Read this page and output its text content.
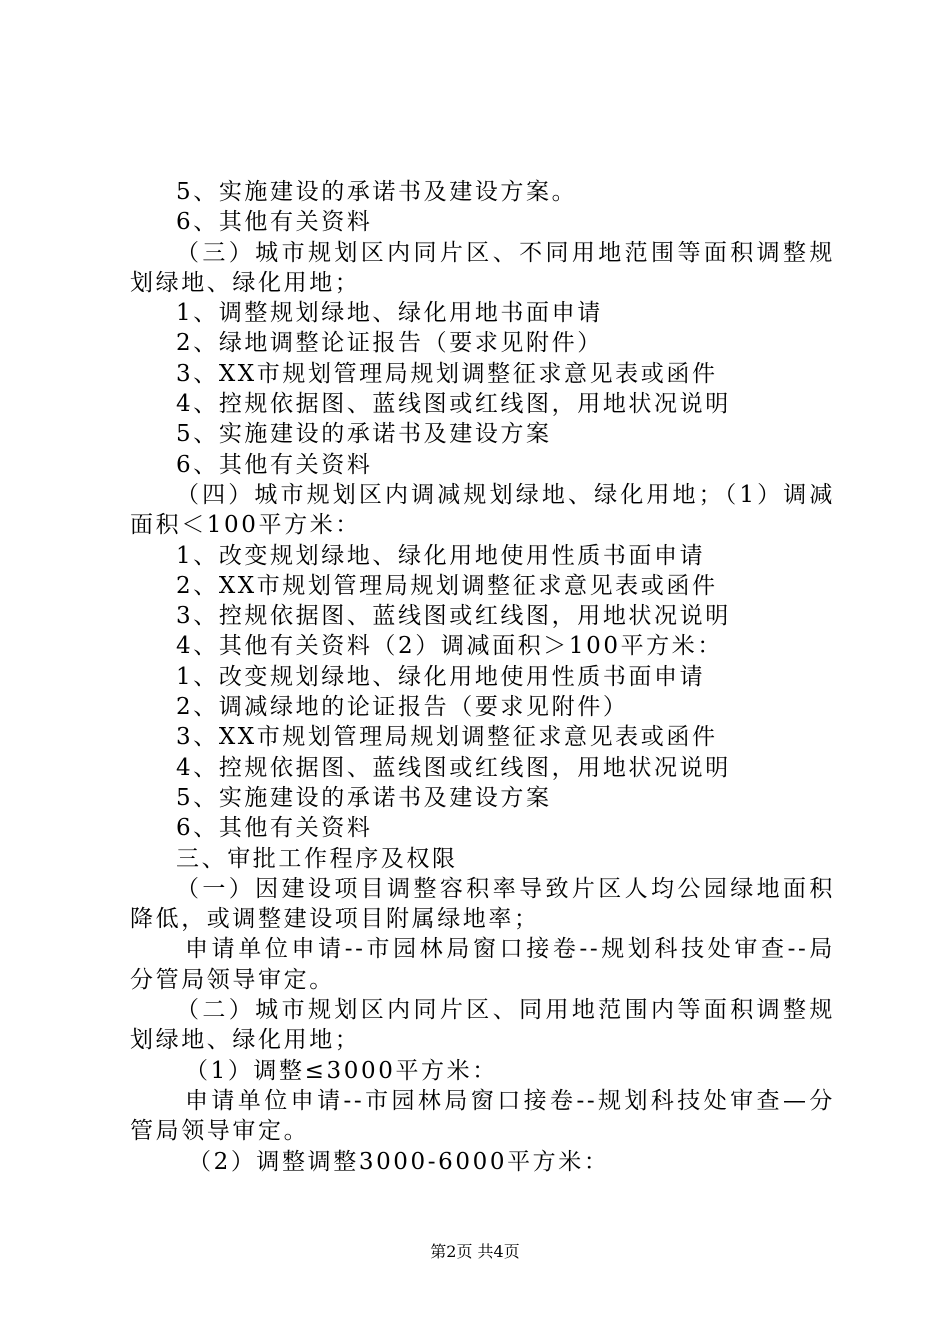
5、实施建设的承诺书及建设方案。
6、其他有关资料
（三）城市规划区内同片区、不同用地范围等面积调整规
划绿地、绿化用地；
1、调整规划绿地、绿化用地书面申请
2、绿地调整论证报告（要求见附件）
3、XX市规划管理局规划调整征求意见表或函件
4、控规依据图、蓝线图或红线图，用地状况说明
5、实施建设的承诺书及建设方案
6、其他有关资料
（四）城市规划区内调减规划绿地、绿化用地；（1）调减
面积＜100平方米：
1、改变规划绿地、绿化用地使用性质书面申请
2、XX市规划管理局规划调整征求意见表或函件
3、控规依据图、蓝线图或红线图，用地状况说明
4、其他有关资料（2）调减面积＞100平方米：
1、改变规划绿地、绿化用地使用性质书面申请
2、调减绿地的论证报告（要求见附件）
3、XX市规划管理局规划调整征求意见表或函件
4、控规依据图、蓝线图或红线图，用地状况说明
5、实施建设的承诺书及建设方案
6、其他有关资料
三、审批工作程序及权限
（一）因建设项目调整容积率导致片区人均公园绿地面积
降低，或调整建设项目附属绿地率；
申请单位申请--市园林局窗口接卷--规划科技处审查--局
分管局领导审定。
（二）城市规划区内同片区、同用地范围内等面积调整规
划绿地、绿化用地；
（1）调整≤3000平方米：
申请单位申请--市园林局窗口接卷--规划科技处审查—分
管局领导审定。
（2）调整调整3000-6000平方米：
第2页 共4页
